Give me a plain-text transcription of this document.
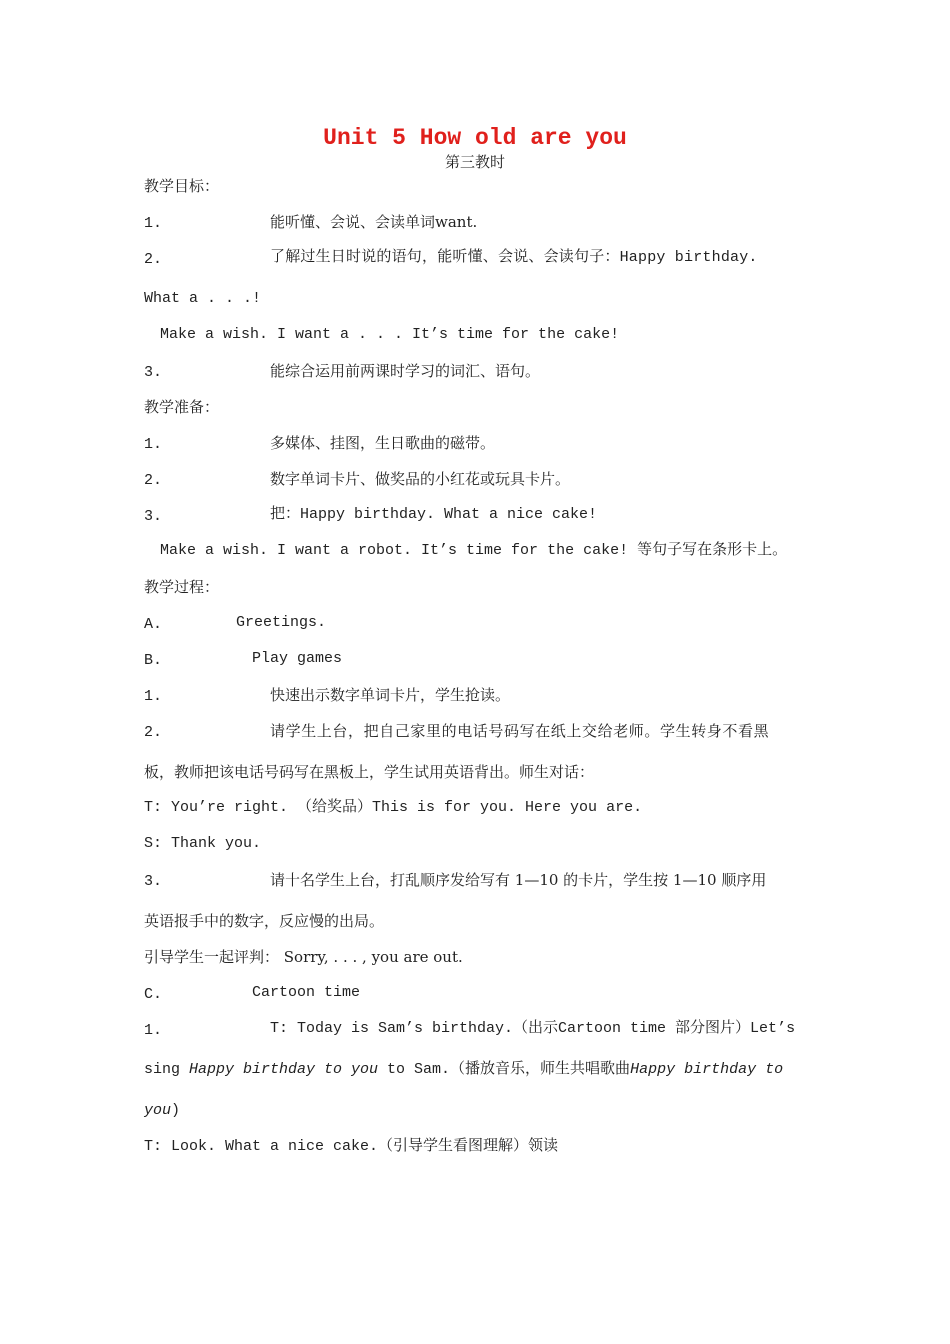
Unit 5 How old are you
第三教时
教学目标：
1.	能听懂、会说、会读单词want.
2.	了解过生日时说的语句，能听懂、会说、会读句子：Happy birthday.
What a . . .!
Make a wish. I want a . . . It’s time for the cake!
3.	能综合运用前两课时学习的词汇、语句。
教学准备：
1.	多媒体、挂图，生日歌曲的磁带。
2.	数字单词卡片、做奖品的小红花或玩具卡片。
3.	把：Happy birthday. What a nice cake!
Make a wish. I want a robot. It’s time for the cake! 等句子写在条形卡上。
教学过程：
A.	Greetings.
B.	Play games
1.	快速出示数字单词卡片，学生抢读。
2.	请学生上台，把自己家里的电话号码写在纸上交给老师。学生转身不看黑
板，教师把该电话号码写在黑板上，学生试用英语背出。师生对话：
T: You’re right. （给奖品）This is for you. Here you are.
S: Thank you.
3.	请十名学生上台，打乱顺序发给写有 1—10 的卡片，学生按 1—10 顺序用
英语报手中的数字，反应慢的出局。
引导学生一起评判： Sorry, . . . , you are out.
C.	Cartoon time
1.	T: Today is Sam’s birthday.（出示Cartoon time 部分图片）Let’s
sing Happy birthday to you to Sam.（播放音乐，师生共唱歌曲Happy birthday to
you)
T: Look. What a nice cake.（引导学生看图理解）领读
